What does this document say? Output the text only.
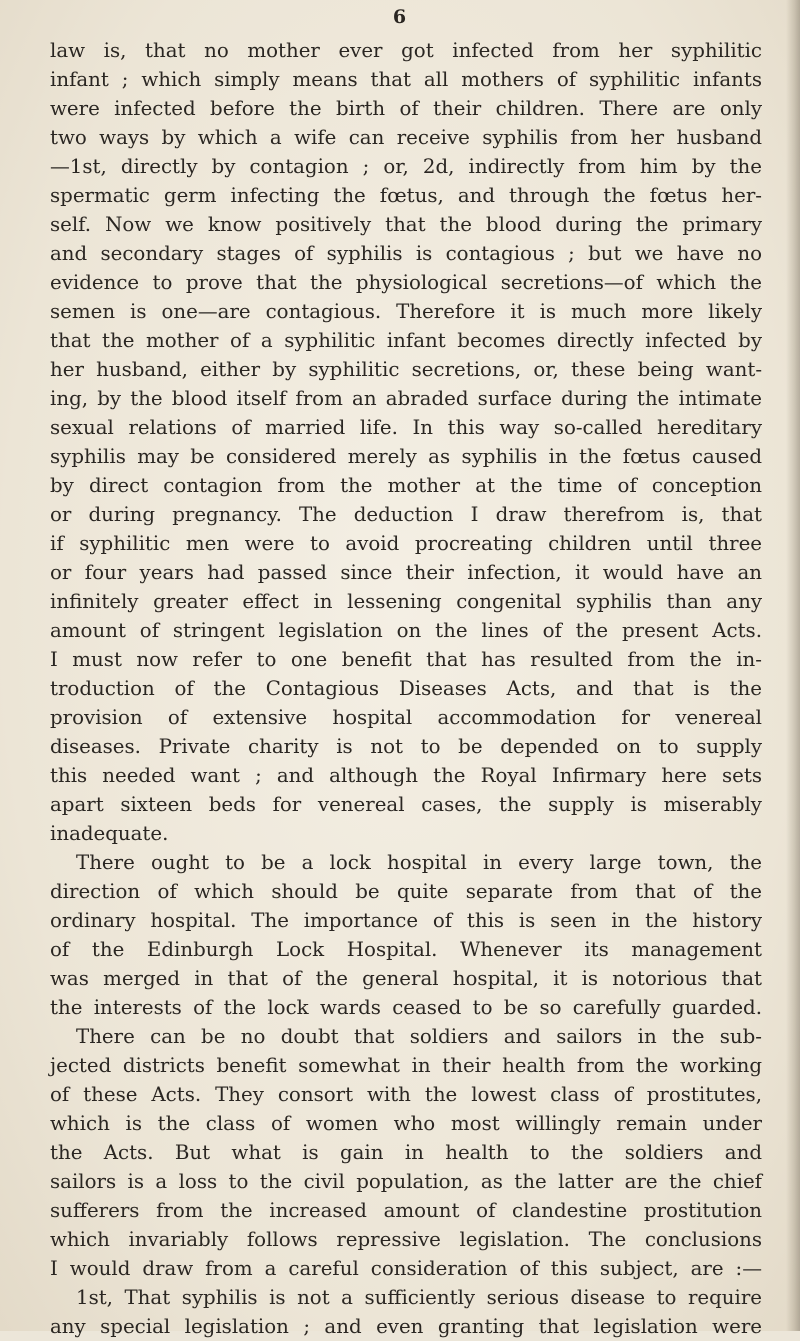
6
law is, that no mother ever got infected from her syphilitic
infant ; which simply means that all mothers of syphilitic infants
were infected before the birth of their children. There are only
two ways by which a wife can receive syphilis from her husband
—1st, directly by contagion ; or, 2d, indirectly from him by the
spermatic germ infecting the fœtus, and through the fœtus her-
self. Now we know positively that the blood during the primary
and secondary stages of syphilis is contagious ; but we have no
evidence to prove that the physiological secretions—of which the
semen is one—are contagious. Therefore it is much more likely
that the mother of a syphilitic infant becomes directly infected by
her husband, either by syphilitic secretions, or, these being want-
ing, by the blood itself from an abraded surface during the intimate
sexual relations of married life. In this way so-called hereditary
syphilis may be considered merely as syphilis in the fœtus caused
by direct contagion from the mother at the time of conception
or during pregnancy. The deduction I draw therefrom is, that
if syphilitic men were to avoid procreating children until three
or four years had passed since their infection, it would have an
infinitely greater effect in lessening congenital syphilis than any
amount of stringent legislation on the lines of the present Acts.
I must now refer to one benefit that has resulted from the in-
troduction of the Contagious Diseases Acts, and that is the
provision of extensive hospital accommodation for venereal
diseases. Private charity is not to be depended on to supply
this needed want ; and although the Royal Infirmary here sets
apart sixteen beds for venereal cases, the supply is miserably
inadequate.
There ought to be a lock hospital in every large town, the
direction of which should be quite separate from that of the
ordinary hospital. The importance of this is seen in the history
of the Edinburgh Lock Hospital. Whenever its management
was merged in that of the general hospital, it is notorious that
the interests of the lock wards ceased to be so carefully guarded.
There can be no doubt that soldiers and sailors in the sub-
jected districts benefit somewhat in their health from the working
of these Acts. They consort with the lowest class of prostitutes,
which is the class of women who most willingly remain under
the Acts. But what is gain in health to the soldiers and
sailors is a loss to the civil population, as the latter are the chief
sufferers from the increased amount of clandestine prostitution
which invariably follows repressive legislation. The conclusions
I would draw from a careful consideration of this subject, are :—
1st, That syphilis is not a sufficiently serious disease to require
any special legislation ; and even granting that legislation were
